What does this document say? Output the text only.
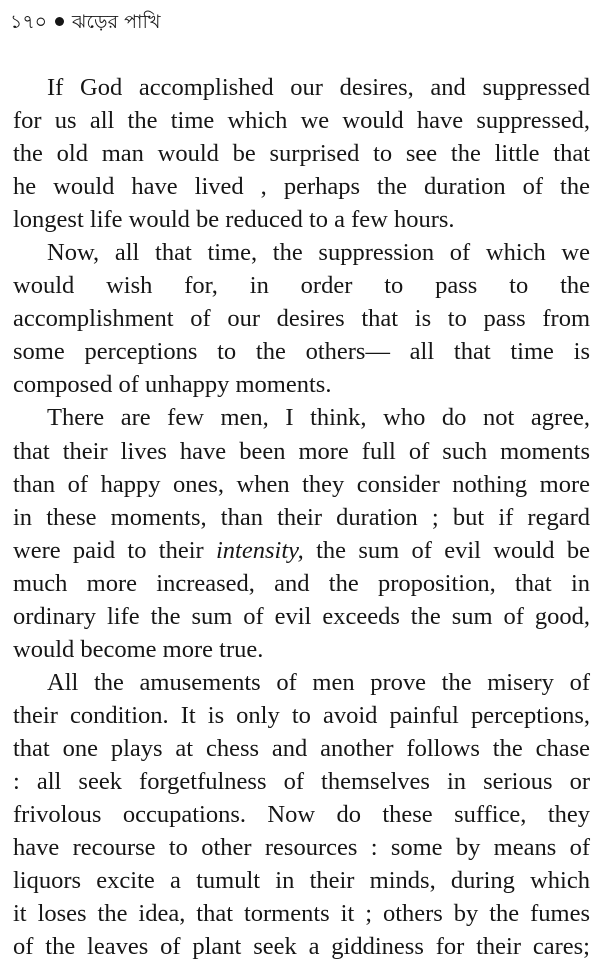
১৭০ ঝড়ের পাখি

If God accomplished our desires, and suppressed
for us all the time which we would have suppressed,
the old man would be surprised to see the little that
he would have lived , perhaps the duration of the
longest life would be reduced to a few hours.

Now, all that time, the suppression of which we
would wish for, in order to pass to the
accomplishment of our desires that is to pass from
some perceptions to the others— all that time is
composed of unhappy moments.

There are few men, I think, who do not agree,
that their lives have been more full of such moments
than of happy ones, when they consider nothing more
in these moments, than their duration ; but if regard
were paid to their intensity, the sum of evil would be
much more increased, and the proposition, that in
ordinary life the sum of evil exceeds the sum of good,
would become more true.

All the amusements of men prove the misery of
their condition. It is only to avoid painful perceptions,
that one plays at chess and another follows the chase
: all seek forgetfulness of themselves in serious or
frivolous occupations. Now do these suffice, they
have recourse to other resources : some by means of
liquors excite a tumult in their minds, during which
it loses the idea, that torments it ; others by the fumes
of the leaves of plant seek a giddiness for their cares;
